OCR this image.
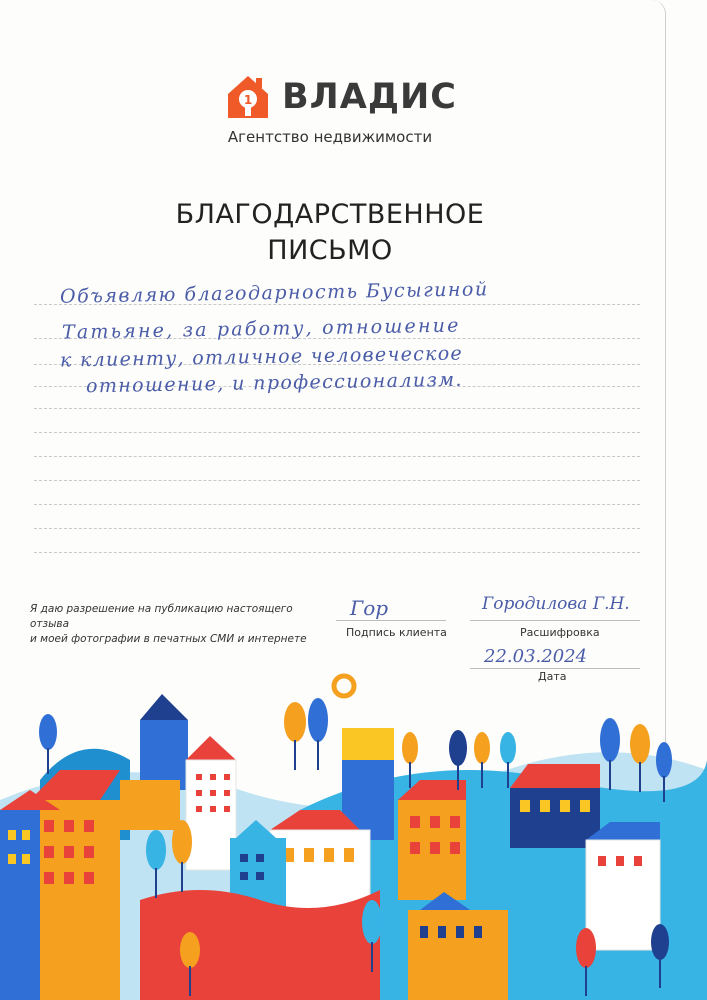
1 ВЛАДИС
Агентство недвижимости
БЛАГОДАРСТВЕННОЕ
ПИСЬМО
Объявляю благодарность Бусыгиной
Татьяне, за работу, отношение
к клиенту, отличное человеческое
отношение, и профессионализм.
Я даю разрешение на публикацию настоящего отзыва
и моей фотографии в печатных СМИ и интернете
Гор
Подпись клиента
Городилова Г.Н.
Расшифровка
22.03.2024
Дата
